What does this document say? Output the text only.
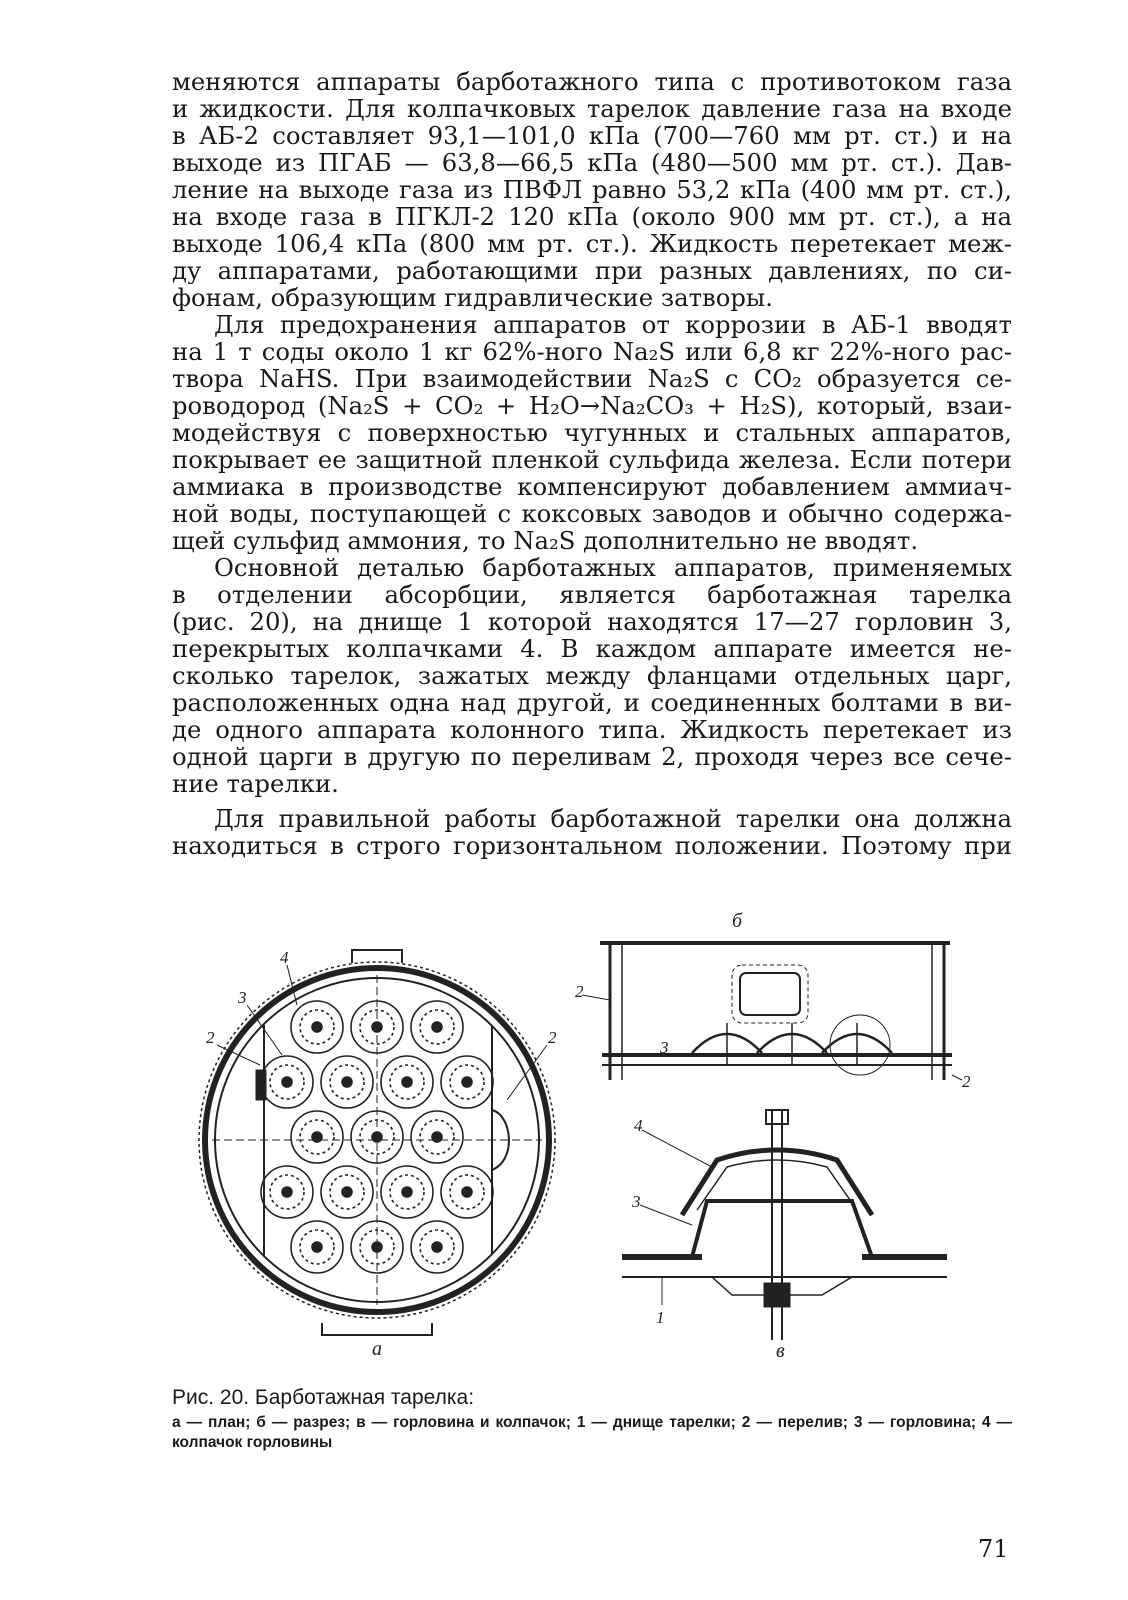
меняются аппараты барботажного типа с противотоком газа
и жидкости. Для колпачковых тарелок давление газа на входе
в АБ-2 составляет 93,1—101,0 кПа (700—760 мм рт. ст.) и на
выходе из ПГАБ — 63,8—66,5 кПа (480—500 мм рт. ст.). Дав-
ление на выходе газа из ПВФЛ равно 53,2 кПа (400 мм рт. ст.),
на входе газа в ПГКЛ-2 120 кПа (около 900 мм рт. ст.), а на
выходе 106,4 кПа (800 мм рт. ст.). Жидкость перетекает меж-
ду аппаратами, работающими при разных давлениях, по си-
фонам, образующим гидравлические затворы.
Для предохранения аппаратов от коррозии в АБ-1 вводят
на 1 т соды около 1 кг 62%-ного Na₂S или 6,8 кг 22%-ного рас-
твора NaHS. При взаимодействии Na₂S с CO₂ образуется се-
роводород (Na₂S + CO₂ + H₂O→Na₂CO₃ + H₂S), который, взаи-
модействуя с поверхностью чугунных и стальных аппаратов,
покрывает ее защитной пленкой сульфида железа. Если потери
аммиака в производстве компенсируют добавлением аммиач-
ной воды, поступающей с коксовых заводов и обычно содержа-
щей сульфид аммония, то Na₂S дополнительно не вводят.
Основной деталью барботажных аппаратов, применяемых
в отделении абсорбции, является барботажная тарелка
(рис. 20), на днище 1 которой находятся 17—27 горловин 3,
перекрытых колпачками 4. В каждом аппарате имеется не-
сколько тарелок, зажатых между фланцами отдельных царг,
расположенных одна над другой, и соединенных болтами в ви-
де одного аппарата колонного типа. Жидкость перетекает из
одной царги в другую по переливам 2, проходя через все сече-
ние тарелки.
Для правильной работы барботажной тарелки она должна
находиться в строго горизонтальном положении. Поэтому при
б
4
3
2	2
а
2
3
2
4
3
1
в
Рис. 20. Барботажная тарелка:
а — план; б — разрез; в — горловина и колпачок; 1 — днище тарелки; 2 — перелив; 3 — горловина; 4 — колпачок горловины
71
